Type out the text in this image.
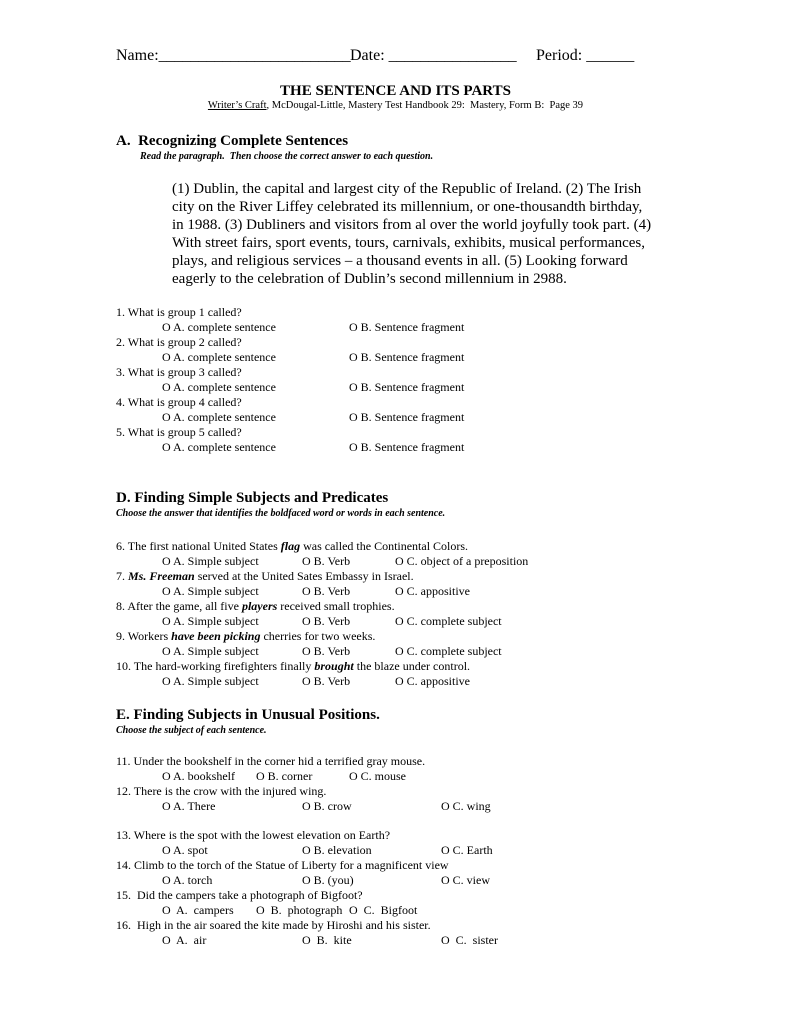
Name:________________________ Date: ________________ Period: ______
THE SENTENCE AND ITS PARTS
Writer’s Craft, McDougal-Little, Mastery Test Handbook 29:  Mastery, Form B:  Page 39
A.  Recognizing Complete Sentences
Read the paragraph.  Then choose the correct answer to each question.
(1) Dublin, the capital and largest city of the Republic of Ireland. (2) The Irish
city on the River Liffey celebrated its millennium, or one-thousandth birthday,
in 1988. (3) Dubliners and visitors from al over the world joyfully took part. (4)
With street fairs, sport events, tours, carnivals, exhibits, musical performances,
plays, and religious services – a thousand events in all. (5) Looking forward
eagerly to the celebration of Dublin’s second millennium in 2988.
1. What is group 1 called?
O A. complete sentence	O B. Sentence fragment
2. What is group 2 called?
O A. complete sentence	O B. Sentence fragment
3. What is group 3 called?
O A. complete sentence	O B. Sentence fragment
4. What is group 4 called?
O A. complete sentence	O B. Sentence fragment
5. What is group 5 called?
O A. complete sentence	O B. Sentence fragment
D. Finding Simple Subjects and Predicates
Choose the answer that identifies the boldfaced word or words in each sentence.
6. The first national United States flag was called the Continental Colors.
O A. Simple subject	O B. Verb	O C. object of a preposition
7. Ms. Freeman served at the United Sates Embassy in Israel.
O A. Simple subject	O B. Verb	O C. appositive
8. After the game, all five players received small trophies.
O A. Simple subject	O B. Verb	O C. complete subject
9. Workers have been picking cherries for two weeks.
O A. Simple subject	O B. Verb	O C. complete subject
10. The hard-working firefighters finally brought the blaze under control.
O A. Simple subject	O B. Verb	O C. appositive
E. Finding Subjects in Unusual Positions.
Choose the subject of each sentence.
11. Under the bookshelf in the corner hid a terrified gray mouse.
O A. bookshelf O B. corner	O C. mouse
12. There is the crow with the injured wing.
O A. There	O B. crow	O C. wing
13. Where is the spot with the lowest elevation on Earth?
O A. spot	O B. elevation	O C. Earth
14. Climb to the torch of the Statue of Liberty for a magnificent view
O A. torch	O B. (you)	O C. view
15.  Did the campers take a photograph of Bigfoot?
O  A.  campers O  B.  photograph O  C.  Bigfoot
16.  High in the air soared the kite made by Hiroshi and his sister.
O  A.  air	O  B.  kite	O  C.  sister
